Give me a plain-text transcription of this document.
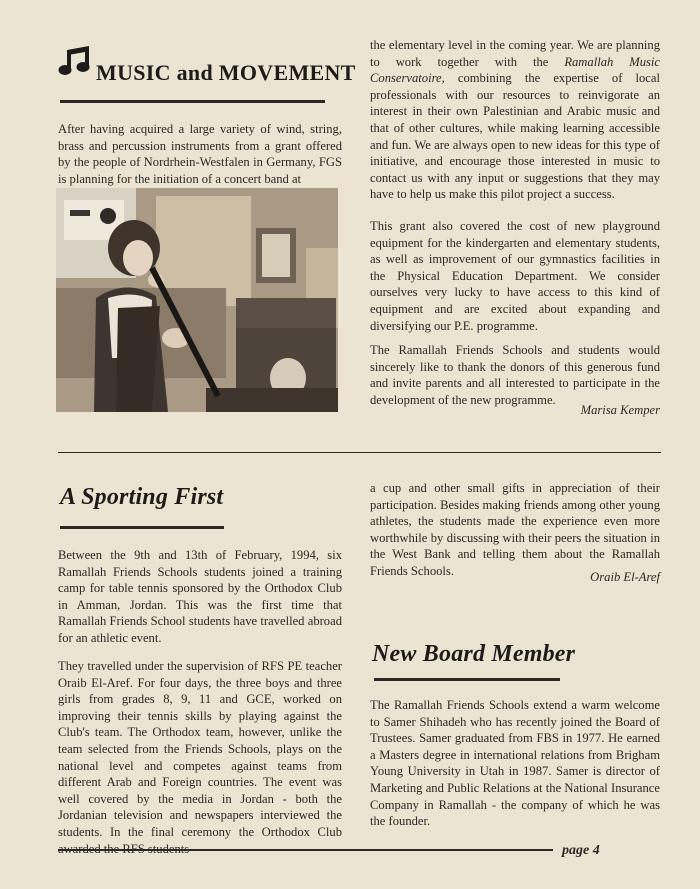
MUSIC and MOVEMENT

After having acquired a large variety of wind, string, brass and percussion instruments from a grant offered by the people of Nordrhein-Westfalen in Germany, FGS is planning for the initiation of a concert band at

the elementary level in the coming year. We are planning to work together with the Ramallah Music Conservatoire, combining the expertise of local professionals with our resources to reinvigorate an interest in their own Palestinian and Arabic music and that of other cultures, while making learning accessible and fun. We are always open to new ideas for this type of initiative, and encourage those interested in music to contact us with any input or suggestions that they may have to help us make this pilot project a success.

This grant also covered the cost of new playground equipment for the kindergarten and elementary students, as well as improvement of our gymnastics facilities in the Physical Education Department. We consider ourselves very lucky to have access to this kind of equipment and are excited about expanding and diversifying our P.E. programme.

The Ramallah Friends Schools and students would sincerely like to thank the donors of this generous fund and invite parents and all interested to participate in the development of the new programme.

Marisa Kemper
A Sporting First

Between the 9th and 13th of February, 1994, six Ramallah Friends Schools students joined a training camp for table tennis sponsored by the Orthodox Club in Amman, Jordan. This was the first time that Ramallah Friends School students have travelled abroad for an athletic event.

They travelled under the supervision of RFS PE teacher Oraib El-Aref. For four days, the three boys and three girls from grades 8, 9, 11 and GCE, worked on improving their tennis skills by playing against the Club's team. The Orthodox team, however, unlike the team selected from the Friends Schools, plays on the national level and competes against teams from different Arab and Foreign countries. The event was well covered by the media in Jordan - both the Jordanian television and newspapers interviewed the students. In the final ceremony the Orthodox Club

a cup and other small gifts in appreciation of their participation. Besides making friends among other young athletes, the students made the experience even more worthwhile by discussing with their peers the situation in the West Bank and telling them about the Ramallah Friends Schools.	Oraib El-Aref
New Board Member

The Ramallah Friends Schools extend a warm welcome to Samer Shihadeh who has recently joined the Board of Trustees. Samer graduated from FBS in 1977. He earned a Masters degree in international relations from Brigham Young University in Utah in 1987. Samer is director of Marketing and Public Relations at the National Insurance Company in Ramallah - the company of which he was the founder.

page 4
